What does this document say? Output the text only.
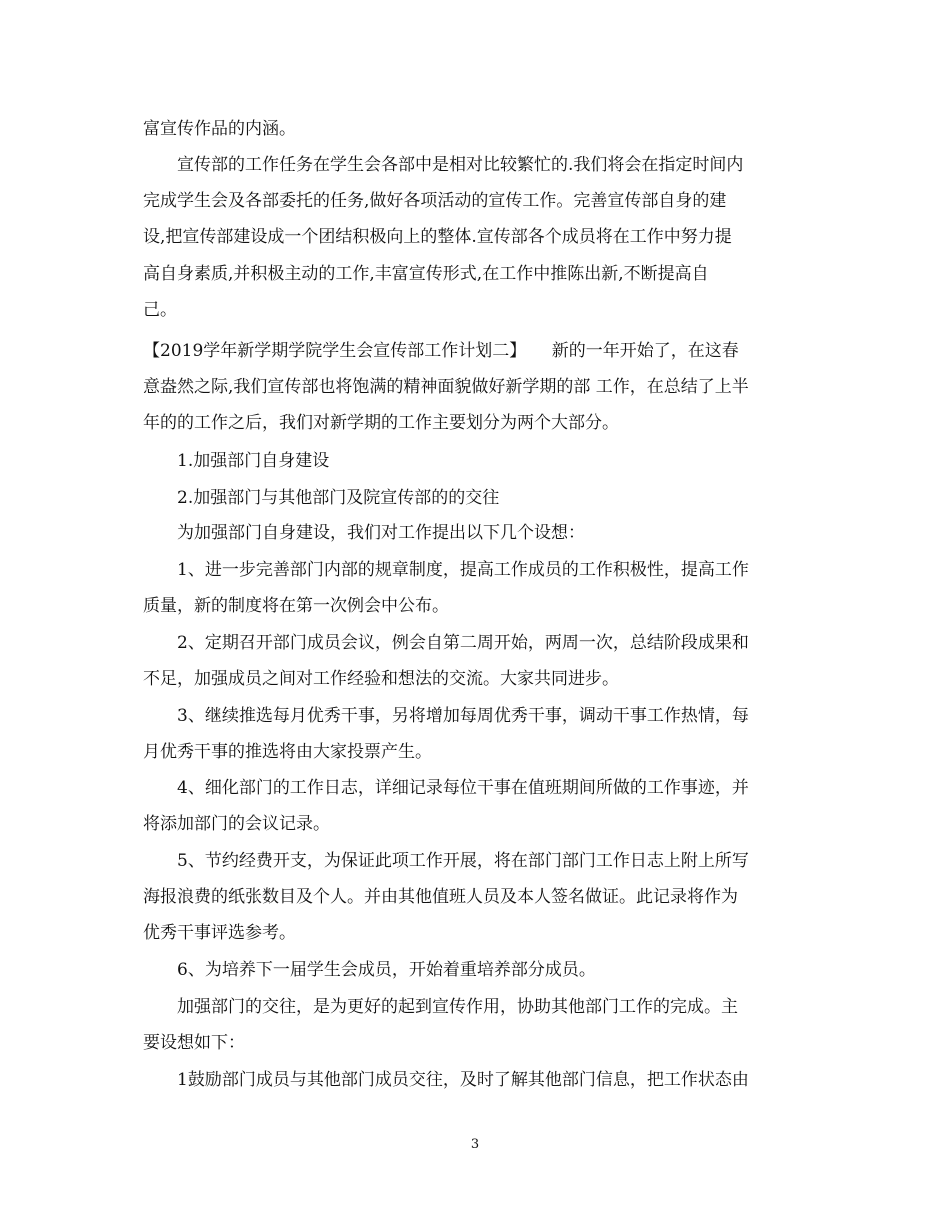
富宣传作品的内涵。
宣传部的工作任务在学生会各部中是相对比较繁忙的.我们将会在指定时间内
完成学生会及各部委托的任务,做好各项活动的宣传工作。完善宣传部自身的建
设,把宣传部建设成一个团结积极向上的整体.宣传部各个成员将在工作中努力提
高自身素质,并积极主动的工作,丰富宣传形式,在工作中推陈出新,不断提高自
己。
【2019学年新学期学院学生会宣传部工作计划二】　　新的一年开始了，在这春
意盎然之际,我们宣传部也将饱满的精神面貌做好新学期的部 工作，在总结了上半
年的的工作之后，我们对新学期的工作主要划分为两个大部分。
1.加强部门自身建设
2.加强部门与其他部门及院宣传部的的交往
为加强部门自身建设，我们对工作提出以下几个设想：
1、进一步完善部门内部的规章制度，提高工作成员的工作积极性，提高工作
质量，新的制度将在第一次例会中公布。
2、定期召开部门成员会议，例会自第二周开始，两周一次，总结阶段成果和
不足，加强成员之间对工作经验和想法的交流。大家共同进步。
3、继续推选每月优秀干事，另将增加每周优秀干事，调动干事工作热情，每
月优秀干事的推选将由大家投票产生。
4、细化部门的工作日志，详细记录每位干事在值班期间所做的工作事迹，并
将添加部门的会议记录。
5、节约经费开支，为保证此项工作开展，将在部门部门工作日志上附上所写
海报浪费的纸张数目及个人。并由其他值班人员及本人签名做证。此记录将作为
优秀干事评选参考。
6、为培养下一届学生会成员，开始着重培养部分成员。
加强部门的交往，是为更好的起到宣传作用，协助其他部门工作的完成。主
要设想如下：
1鼓励部门成员与其他部门成员交往，及时了解其他部门信息，把工作状态由
3
